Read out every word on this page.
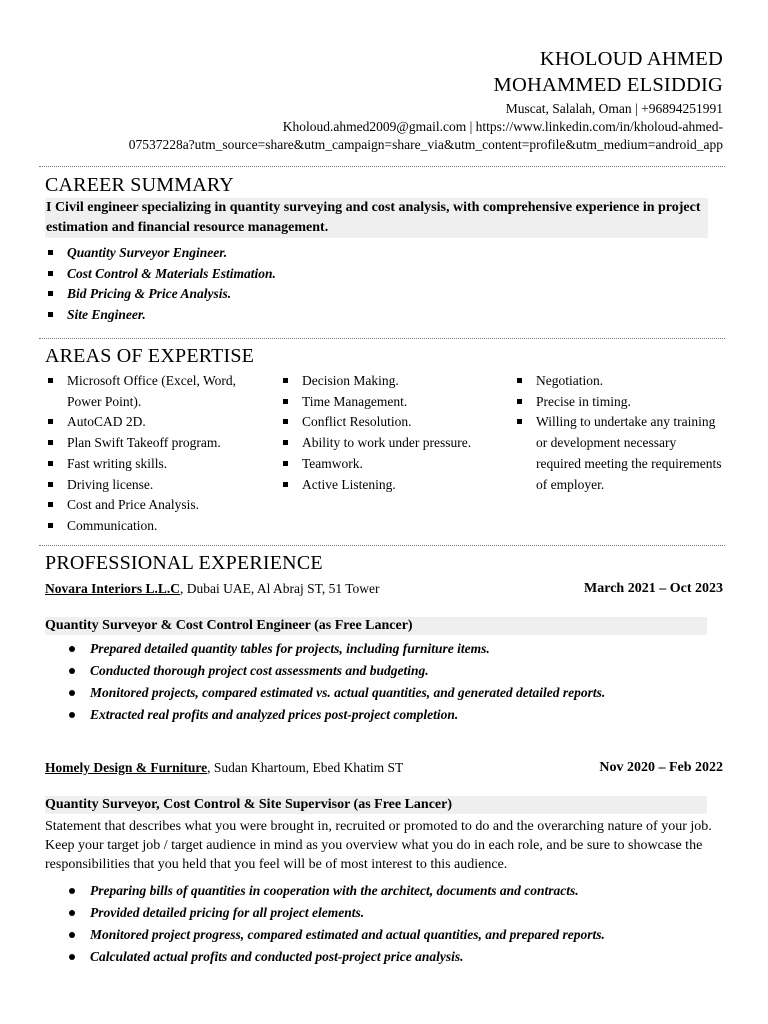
KHOLOUD AHMED
MOHAMMED ELSIDDIG
Muscat, Salalah, Oman | +96894251991
Kholoud.ahmed2009@gmail.com | https://www.linkedin.com/in/kholoud-ahmed-
07537228a?utm_source=share&utm_campaign=share_via&utm_content=profile&utm_medium=android_app
CAREER SUMMARY
I Civil engineer specializing in quantity surveying and cost analysis, with comprehensive experience in project estimation and financial resource management.
Quantity Surveyor Engineer.
Cost Control & Materials Estimation.
Bid Pricing & Price Analysis.
Site Engineer.
AREAS OF EXPERTISE
Microsoft Office (Excel, Word, Power Point).
AutoCAD 2D.
Plan Swift Takeoff program.
Fast writing skills.
Driving license.
Cost and Price Analysis.
Communication.
Decision Making.
Time Management.
Conflict Resolution.
Ability to work under pressure.
Teamwork.
Active Listening.
Negotiation.
Precise in timing.
Willing to undertake any training or development necessary required meeting the requirements of employer.
PROFESSIONAL EXPERIENCE
Novara Interiors L.L.C, Dubai UAE, Al Abraj ST, 51 Tower	March 2021 – Oct 2023
Quantity Surveyor & Cost Control Engineer (as Free Lancer)
Prepared detailed quantity tables for projects, including furniture items.
Conducted thorough project cost assessments and budgeting.
Monitored projects, compared estimated vs. actual quantities, and generated detailed reports.
Extracted real profits and analyzed prices post-project completion.
Homely Design & Furniture, Sudan Khartoum, Ebed Khatim ST	Nov 2020 – Feb 2022
Quantity Surveyor, Cost Control & Site Supervisor (as Free Lancer)
Statement that describes what you were brought in, recruited or promoted to do and the overarching nature of your job. Keep your target job / target audience in mind as you overview what you do in each role, and be sure to showcase the responsibilities that you held that you feel will be of most interest to this audience.
Preparing bills of quantities in cooperation with the architect, documents and contracts.
Provided detailed pricing for all project elements.
Monitored project progress, compared estimated and actual quantities, and prepared reports.
Calculated actual profits and conducted post-project price analysis.
